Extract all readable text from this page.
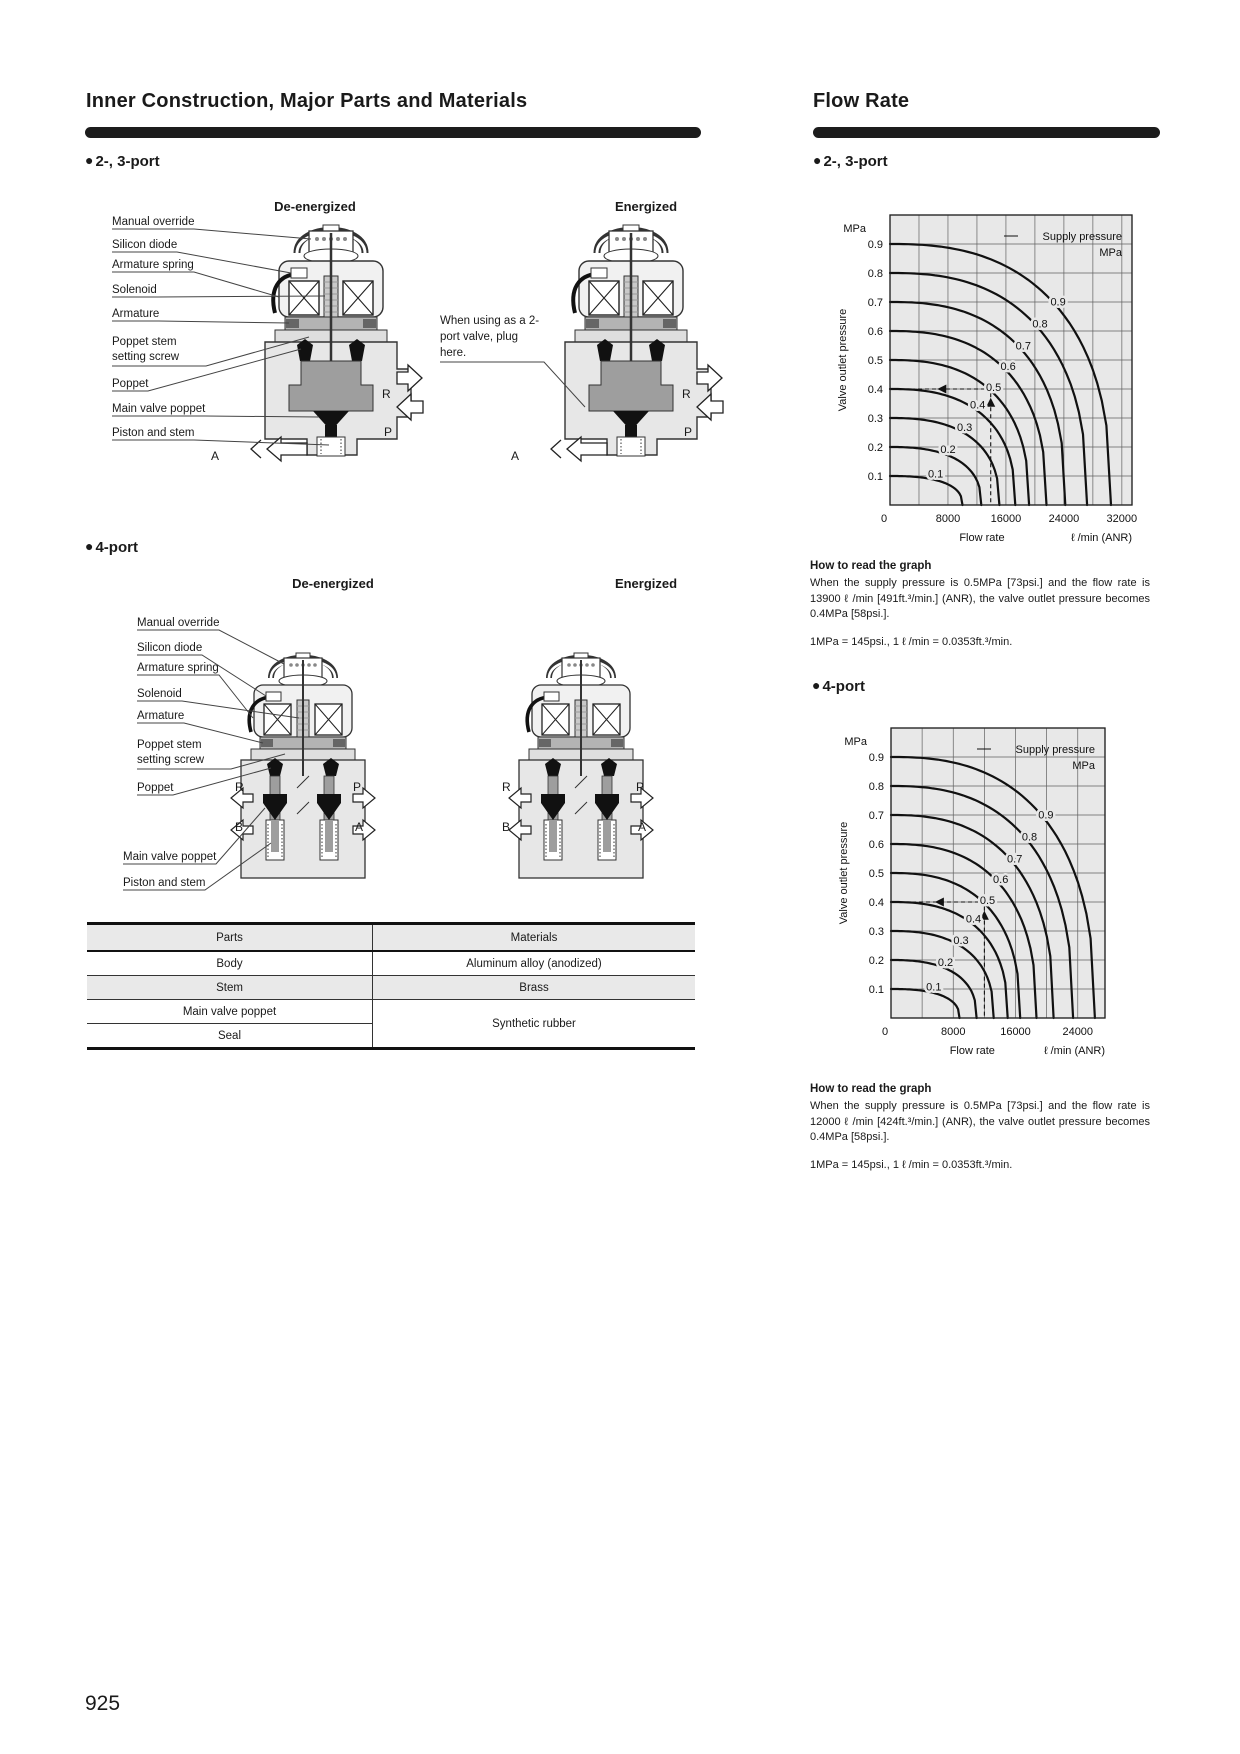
Inner Construction, Major Parts and Materials	Flow Rate
● 2-, 3-port	● 2-, 3-port
De-energized
Manual override
Silicon diode
Armature spring
Solenoid
Armature
Poppet stem setting screw
Poppet
Main valve poppet
Piston and stem
R
P
A
Energized
When using as a 2-port valve, plug here.
R
P
A
● 4-port
De-energized
Manual override
Silicon diode
Armature spring
Solenoid
Armature
Poppet stem setting screw
Poppet
Main valve poppet
Piston and stem
R	P
B	A
Energized
R	P
B	A
Parts	Materials
Body	Aluminum alloy (anodized)
Stem	Brass
Main valve poppet	Synthetic rubber
Seal	
0.1
0.2
0.3
0.4
0.5
0.6
0.7
0.8
0.9
Supply pressure
MPa
MPa
0.1
0.2
0.3
0.4
0.5
0.6
0.7
0.8
0.9
Valve outlet pressure
0	8000	16000 24000 32000
Flow rate	ℓ /min (ANR)

How to read the graph

When the supply pressure is 0.5MPa [73psi.] and the flow rate is 13900 ℓ /min [491ft.³/min.] (ANR), the valve outlet pressure becomes 0.4MPa [58psi.].

1MPa = 145psi., 1 ℓ /min = 0.0353ft.³/min.

● 4-port
0.1
0.2
0.3
0.4
0.5
0.6
0.7
0.8
0.9
Supply pressure
MPa
MPa
0.1
0.2
0.3
0.4
0.5
0.6
0.7
0.8
0.9
Valve outlet pressure
0	8000	16000	24000
Flow rate	ℓ /min (ANR)

How to read the graph

When the supply pressure is 0.5MPa [73psi.] and the flow rate is 12000 ℓ /min [424ft.³/min.] (ANR), the valve outlet pressure becomes 0.4MPa [58psi.].

1MPa = 145psi., 1 ℓ /min = 0.0353ft.³/min.

925
